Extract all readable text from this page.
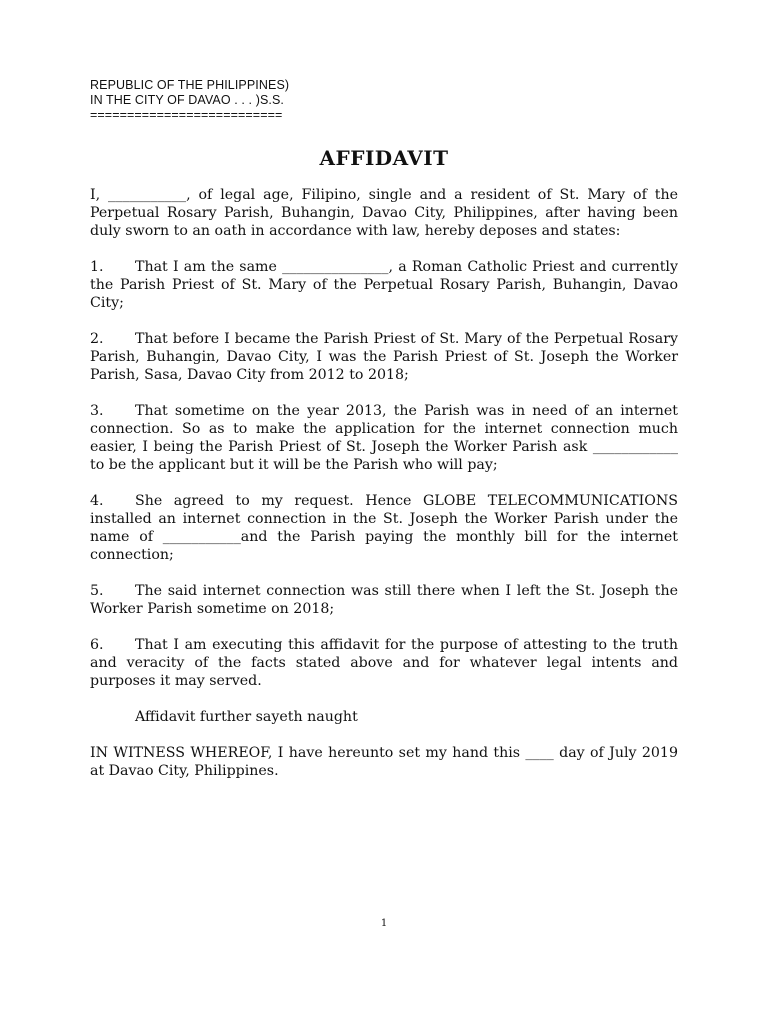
REPUBLIC OF THE PHILIPPINES)
IN THE CITY OF DAVAO . . . )S.S.
==========================
AFFIDAVIT

I, ___________, of legal age, Filipino, single and a resident of St. Mary of the Perpetual Rosary Parish, Buhangin, Davao City, Philippines, after having been duly sworn to an oath in accordance with law, hereby deposes and states:

1. That I am the same _______________, a Roman Catholic Priest and currently the Parish Priest of St. Mary of the Perpetual Rosary Parish, Buhangin, Davao City;

2. That before I became the Parish Priest of St. Mary of the Perpetual Rosary Parish, Buhangin, Davao City, I was the Parish Priest of St. Joseph the Worker Parish, Sasa, Davao City from 2012 to 2018;

3. That sometime on the year 2013, the Parish was in need of an internet connection. So as to make the application for the internet connection much easier, I being the Parish Priest of St. Joseph the Worker Parish ask ____________ to be the applicant but it will be the Parish who will pay;

4. She agreed to my request. Hence GLOBE TELECOMMUNICATIONS installed an internet connection in the St. Joseph the Worker Parish under the name of ___________and the Parish paying the monthly bill for the internet connection;

5. The said internet connection was still there when I left the St. Joseph the Worker Parish sometime on 2018;

6. That I am executing this affidavit for the purpose of attesting to the truth and veracity of the facts stated above and for whatever legal intents and purposes it may served.

Affidavit further sayeth naught

IN WITNESS WHEREOF, I have hereunto set my hand this ____ day of July 2019 at Davao City, Philippines.

1
